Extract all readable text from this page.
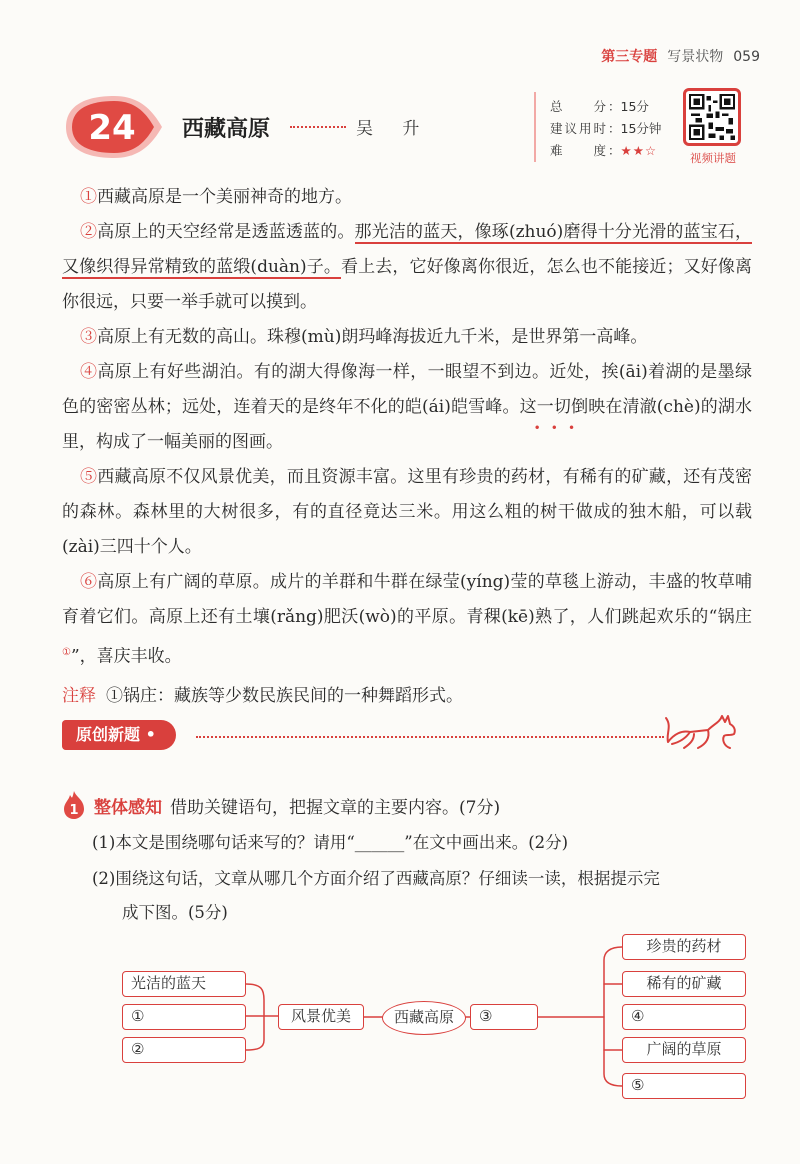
第三专题 写景状物 059
24 西藏高原	吴 升
总分 ：15分
建议用时 ：15分钟
难度 ：★★☆	视频讲题

①西藏高原是一个美丽神奇的地方。

②高原上的天空经常是透蓝透蓝的。那光洁的蓝天，像琢(zhuó)磨得十分光滑的蓝宝石，又像织得异常精致的蓝缎(duàn)子。看上去，它好像离你很近，怎么也不能接近；又好像离你很远，只要一举手就可以摸到。

③高原上有无数的高山。珠穆(mù)朗玛峰海拔近九千米，是世界第一高峰。

④高原上有好些湖泊。有的湖大得像海一样，一眼望不到边。近处，挨(āi)着湖的是墨绿色的密密丛林；远处，连着天的是终年不化的皑(ái)皑雪峰。这一切倒映在清澈(chè)的湖水里，构成了一幅美丽的图画。

⑤西藏高原不仅风景优美，而且资源丰富。这里有珍贵的药材，有稀有的矿藏，还有茂密的森林。森林里的大树很多，有的直径竟达三米。用这么粗的树干做成的独木船，可以载(zài)三四十个人。

⑥高原上有广阔的草原。成片的羊群和牛群在绿莹(yíng)莹的草毯上游动，丰盛的牧草哺育着它们。高原上还有土壤(rǎng)肥沃(wò)的平原。青稞(kē)熟了，人们跳起欢乐的“锅庄①”，喜庆丰收。

注释 ①锅庄：藏族等少数民族民间的一种舞蹈形式。

原创新题 •
1 整体感知 借助关键语句，把握文章的主要内容。(7分)
(1)本文是围绕哪句话来写的？请用“______”在文中画出来。(2分)
(2)围绕这句话，文章从哪几个方面介绍了西藏高原？仔细读一读，根据提示完
成下图。(5分)
光洁的蓝天
①
②
风景优美	西藏高原	③
珍贵的药材
稀有的矿藏
④
广阔的草原
⑤
